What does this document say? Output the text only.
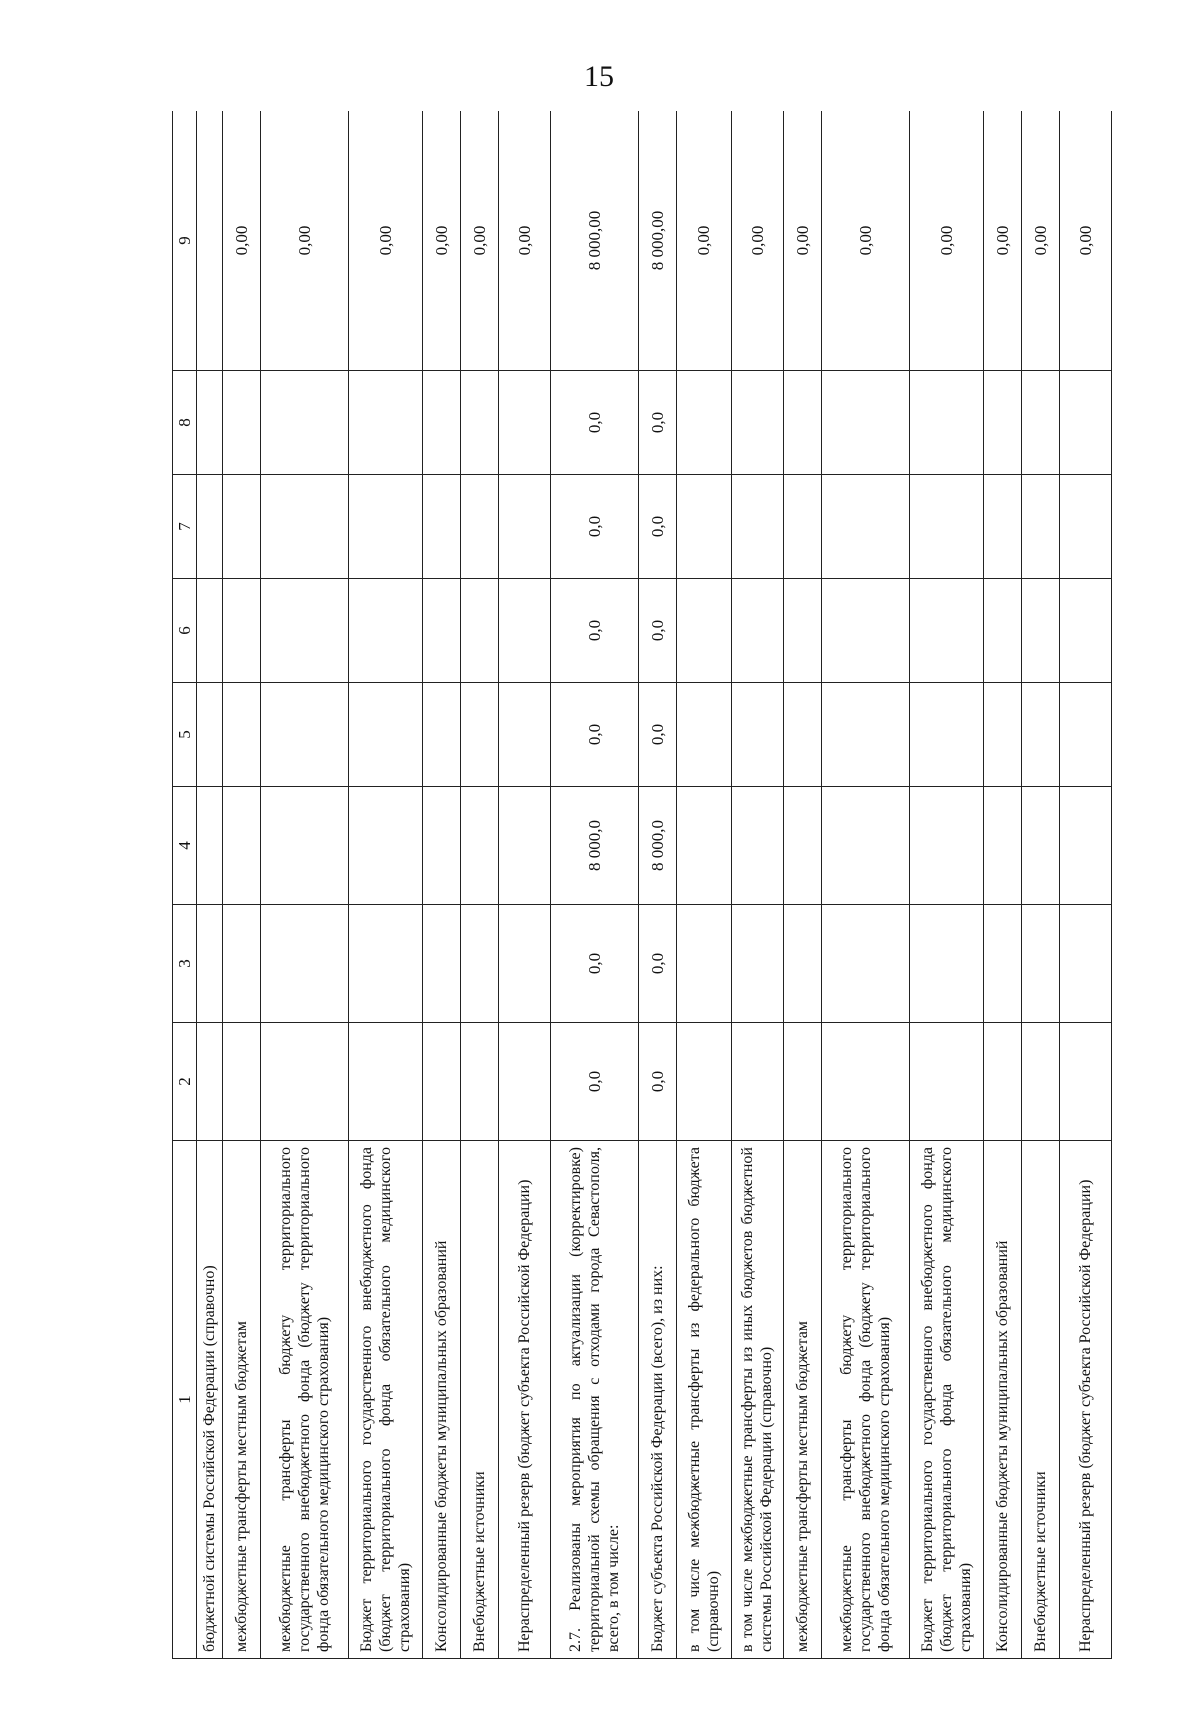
15
1	2	3	4	5	6	7	8	9
бюджетной системы Российской Федерации (справочно)								
межбюджетные трансферты местным бюджетам								0,00
межбюджетные трансферты бюджету территориального государственного внебюджетного фонда (бюджету территориального фонда обязательного медицинского страхования)								0,00
Бюджет территориального государственного внебюджетного фонда (бюджет территориального фонда обязательного медицинского страхования)								0,00
Консолидированные бюджеты муниципальных образований								0,00
Внебюджетные источники								0,00
Нераспределенный резерв (бюджет субъекта Российской Федерации)								0,00
2.7. Реализованы мероприятия по актуализации (корректировке) территориальной схемы обращения с отходами города Севастополя, всего, в том числе:	0,0	0,0	8 000,0	0,0	0,0	0,0	0,0	8 000,00
Бюджет субъекта Российской Федерации (всего), из них:	0,0	0,0	8 000,0	0,0	0,0	0,0	0,0	8 000,00
в том числе межбюджетные трансферты из федерального бюджета (справочно)								0,00
в том числе межбюджетные трансферты из иных бюджетов бюджетной системы Российской Федерации (справочно)								0,00
межбюджетные трансферты местным бюджетам								0,00
межбюджетные трансферты бюджету территориального государственного внебюджетного фонда (бюджету территориального фонда обязательного медицинского страхования)								0,00
Бюджет территориального государственного внебюджетного фонда (бюджет территориального фонда обязательного медицинского страхования)								0,00
Консолидированные бюджеты муниципальных образований								0,00
Внебюджетные источники								0,00
Нераспределенный резерв (бюджет субъекта Российской Федерации)								0,00
